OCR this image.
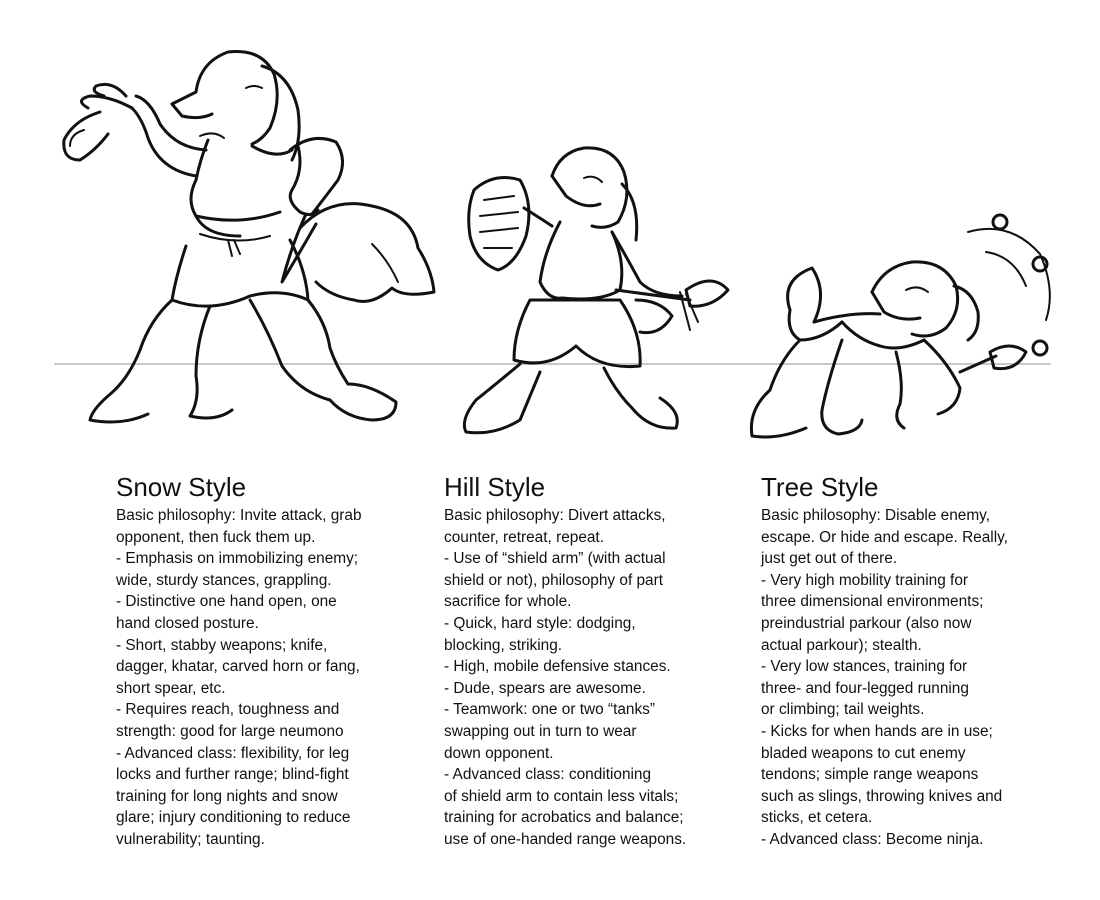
Snow Style

Basic philosophy: Invite attack, grab

opponent, then fuck them up.

- Emphasis on immobilizing enemy;

wide, sturdy stances, grappling.

- Distinctive one hand open, one

hand closed posture.

- Short, stabby weapons; knife,

dagger, khatar, carved horn or fang,

short spear, etc.

- Requires reach, toughness and

strength: good for large neumono

- Advanced class: flexibility, for leg

locks and further range; blind-fight

training for long nights and snow

glare; injury conditioning to reduce

vulnerability; taunting.

Hill Style

Basic philosophy: Divert attacks,

counter, retreat, repeat.

- Use of “shield arm” (with actual

shield or not), philosophy of part

sacrifice for whole.

- Quick, hard style: dodging,

blocking, striking.

- High, mobile defensive stances.

- Dude, spears are awesome.

- Teamwork: one or two “tanks”

swapping out in turn to wear

down opponent.

- Advanced class: conditioning

of shield arm to contain less vitals;

training for acrobatics and balance;

use of one-handed range weapons.

Tree Style

Basic philosophy: Disable enemy,

escape. Or hide and escape. Really,

just get out of there.

- Very high mobility training for

three dimensional environments;

preindustrial parkour (also now

actual parkour); stealth.

- Very low stances, training for

three- and four-legged running

or climbing; tail weights.

- Kicks for when hands are in use;

bladed weapons to cut enemy

tendons; simple range weapons

such as slings, throwing knives and

sticks, et cetera.

- Advanced class: Become ninja.
